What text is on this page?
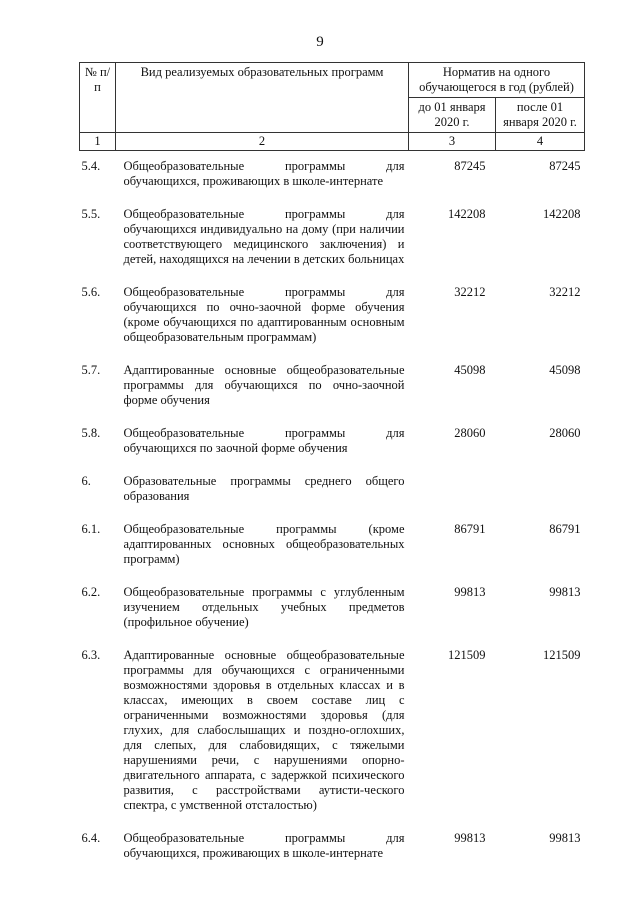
9
№ п/п	Вид реализуемых образовательных программ	Норматив на одного обучающегося в год (рублей)	
		до 01 января 2020 г.	после 01 января 2020 г.
1	2	3	4
5.4.	Общеобразовательные программы для обучающихся, проживающих в школе-интернате	87245	87245
5.5.	Общеобразовательные программы для обучающихся индивидуально на дому (при наличии соответствующего медицинского заключения) и детей, находящихся на лечении в детских больницах	142208	142208
5.6.	Общеобразовательные программы для обучающихся по очно-заочной форме обучения (кроме обучающихся по адаптированным основным общеобразовательным программам)	32212	32212
5.7.	Адаптированные основные общеобразовательные программы для обучающихся по очно-заочной форме обучения	45098	45098
5.8.	Общеобразовательные программы для обучающихся по заочной форме обучения	28060	28060
6.	Образовательные программы среднего общего образования		
6.1.	Общеобразовательные программы (кроме адаптированных основных общеобразовательных программ)	86791	86791
6.2.	Общеобразовательные программы с углубленным изучением отдельных учебных предметов (профильное обучение)	99813	99813
6.3.	Адаптированные основные общеобразовательные программы для обучающихся с ограниченными возможностями здоровья в отдельных классах и в классах, имеющих в своем составе лиц с ограниченными возможностями здоровья (для глухих, для слабослышащих и поздно-оглохших, для слепых, для слабовидящих, с тяжелыми нарушениями речи, с нарушениями опорно-двигательного аппарата, с задержкой психического развития, с расстройствами аутисти-ческого спектра, с умственной отсталостью)	121509	121509
6.4.	Общеобразовательные программы для обучающихся, проживающих в школе-интернате	99813	99813
